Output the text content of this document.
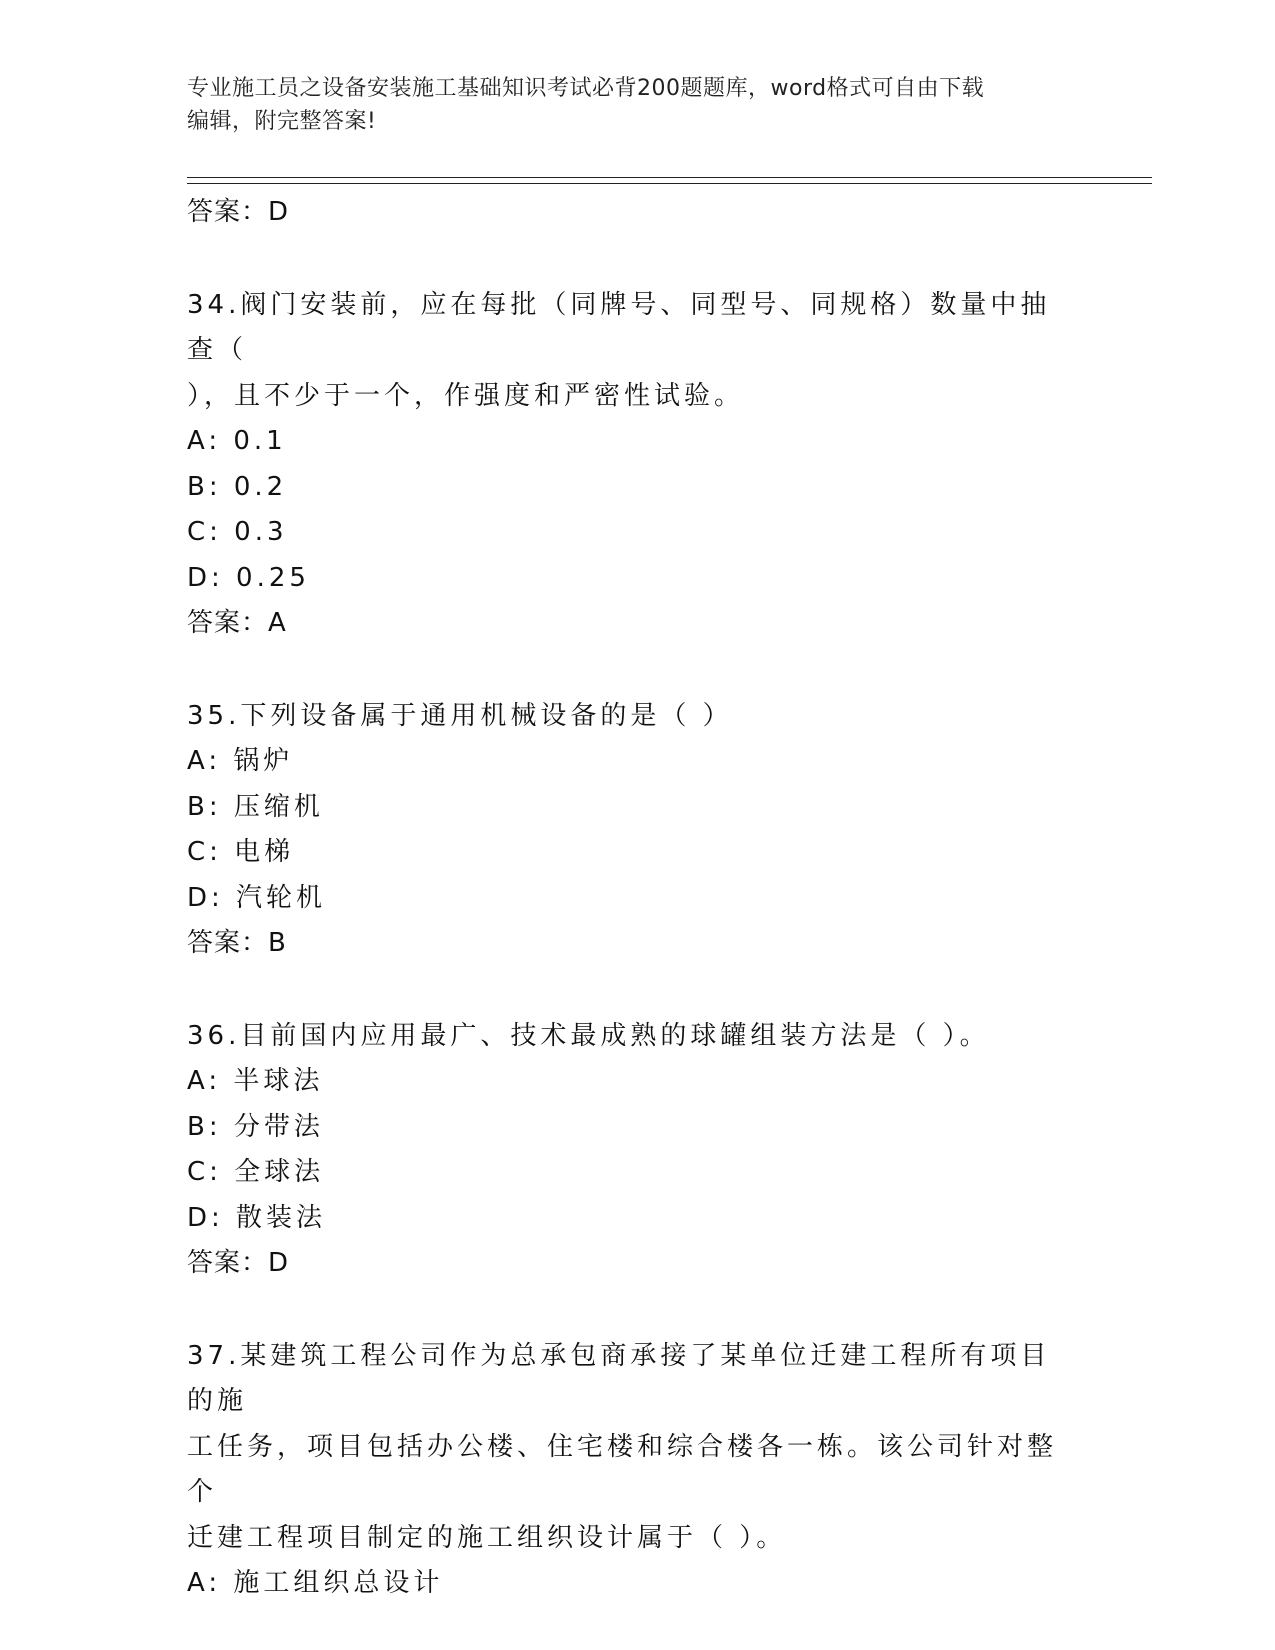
专业施工员之设备安装施工基础知识考试必背200题题库，word格式可自由下载
编辑，附完整答案!
答案：D
34.阀门安装前，应在每批（同牌号、同型号、同规格）数量中抽查（
），且不少于一个，作强度和严密性试验。
A: 0.1
B: 0.2
C: 0.3
D: 0.25
答案：A
35.下列设备属于通用机械设备的是（ ）
A: 锅炉
B: 压缩机
C: 电梯
D: 汽轮机
答案：B
36.目前国内应用最广、技术最成熟的球罐组装方法是（ ）。
A: 半球法
B: 分带法
C: 全球法
D: 散装法
答案：D
37.某建筑工程公司作为总承包商承接了某单位迁建工程所有项目的施
工任务，项目包括办公楼、住宅楼和综合楼各一栋。该公司针对整个
迁建工程项目制定的施工组织设计属于（ ）。
A: 施工组织总设计
